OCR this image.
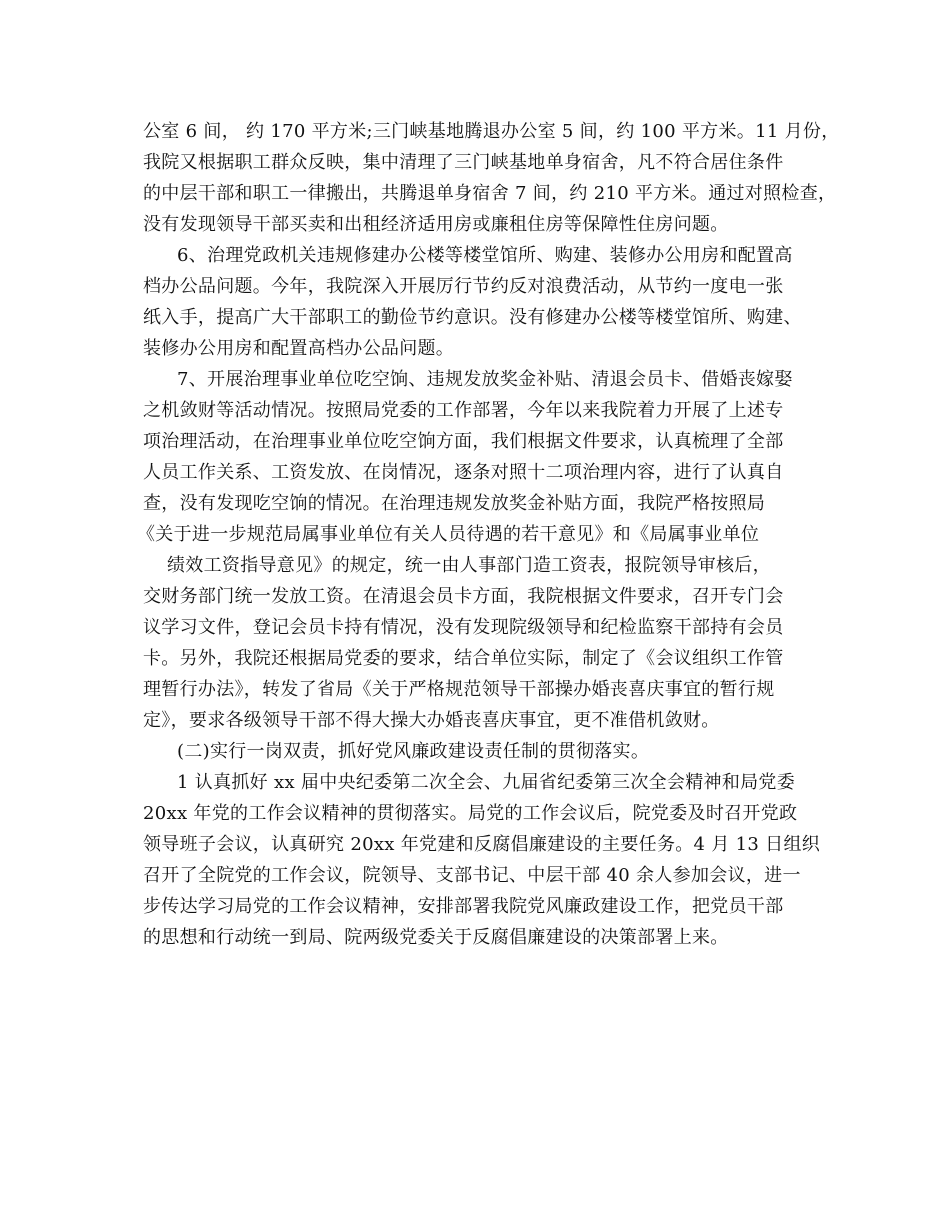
公室 6 间， 约 170 平方米;三门峡基地腾退办公室 5 间，约 100 平方米。11 月份，
我院又根据职工群众反映，集中清理了三门峡基地单身宿舍，凡不符合居住条件
的中层干部和职工一律搬出，共腾退单身宿舍 7 间，约 210 平方米。通过对照检查，
没有发现领导干部买卖和出租经济适用房或廉租住房等保障性住房问题。
6、治理党政机关违规修建办公楼等楼堂馆所、购建、装修办公用房和配置高
档办公品问题。今年，我院深入开展厉行节约反对浪费活动，从节约一度电一张
纸入手，提高广大干部职工的勤俭节约意识。没有修建办公楼等楼堂馆所、购建、
装修办公用房和配置高档办公品问题。
7、开展治理事业单位吃空饷、违规发放奖金补贴、清退会员卡、借婚丧嫁娶
之机敛财等活动情况。按照局党委的工作部署，今年以来我院着力开展了上述专
项治理活动，在治理事业单位吃空饷方面，我们根据文件要求，认真梳理了全部
人员工作关系、工资发放、在岗情况，逐条对照十二项治理内容，进行了认真自
查，没有发现吃空饷的情况。在治理违规发放奖金补贴方面，我院严格按照局
《关于进一步规范局属事业单位有关人员待遇的若干意见》和《局属事业单位
绩效工资指导意见》的规定，统一由人事部门造工资表，报院领导审核后，
交财务部门统一发放工资。在清退会员卡方面，我院根据文件要求，召开专门会
议学习文件，登记会员卡持有情况，没有发现院级领导和纪检监察干部持有会员
卡。另外，我院还根据局党委的要求，结合单位实际，制定了《会议组织工作管
理暂行办法》，转发了省局《关于严格规范领导干部操办婚丧喜庆事宜的暂行规
定》，要求各级领导干部不得大操大办婚丧喜庆事宜，更不准借机敛财。
(二)实行一岗双责，抓好党风廉政建设责任制的贯彻落实。
1 认真抓好 xx 届中央纪委第二次全会、九届省纪委第三次全会精神和局党委
20xx 年党的工作会议精神的贯彻落实。局党的工作会议后，院党委及时召开党政
领导班子会议，认真研究 20xx 年党建和反腐倡廉建设的主要任务。4 月 13 日组织
召开了全院党的工作会议，院领导、支部书记、中层干部 40 余人参加会议，进一
步传达学习局党的工作会议精神，安排部署我院党风廉政建设工作，把党员干部
的思想和行动统一到局、院两级党委关于反腐倡廉建设的决策部署上来。
